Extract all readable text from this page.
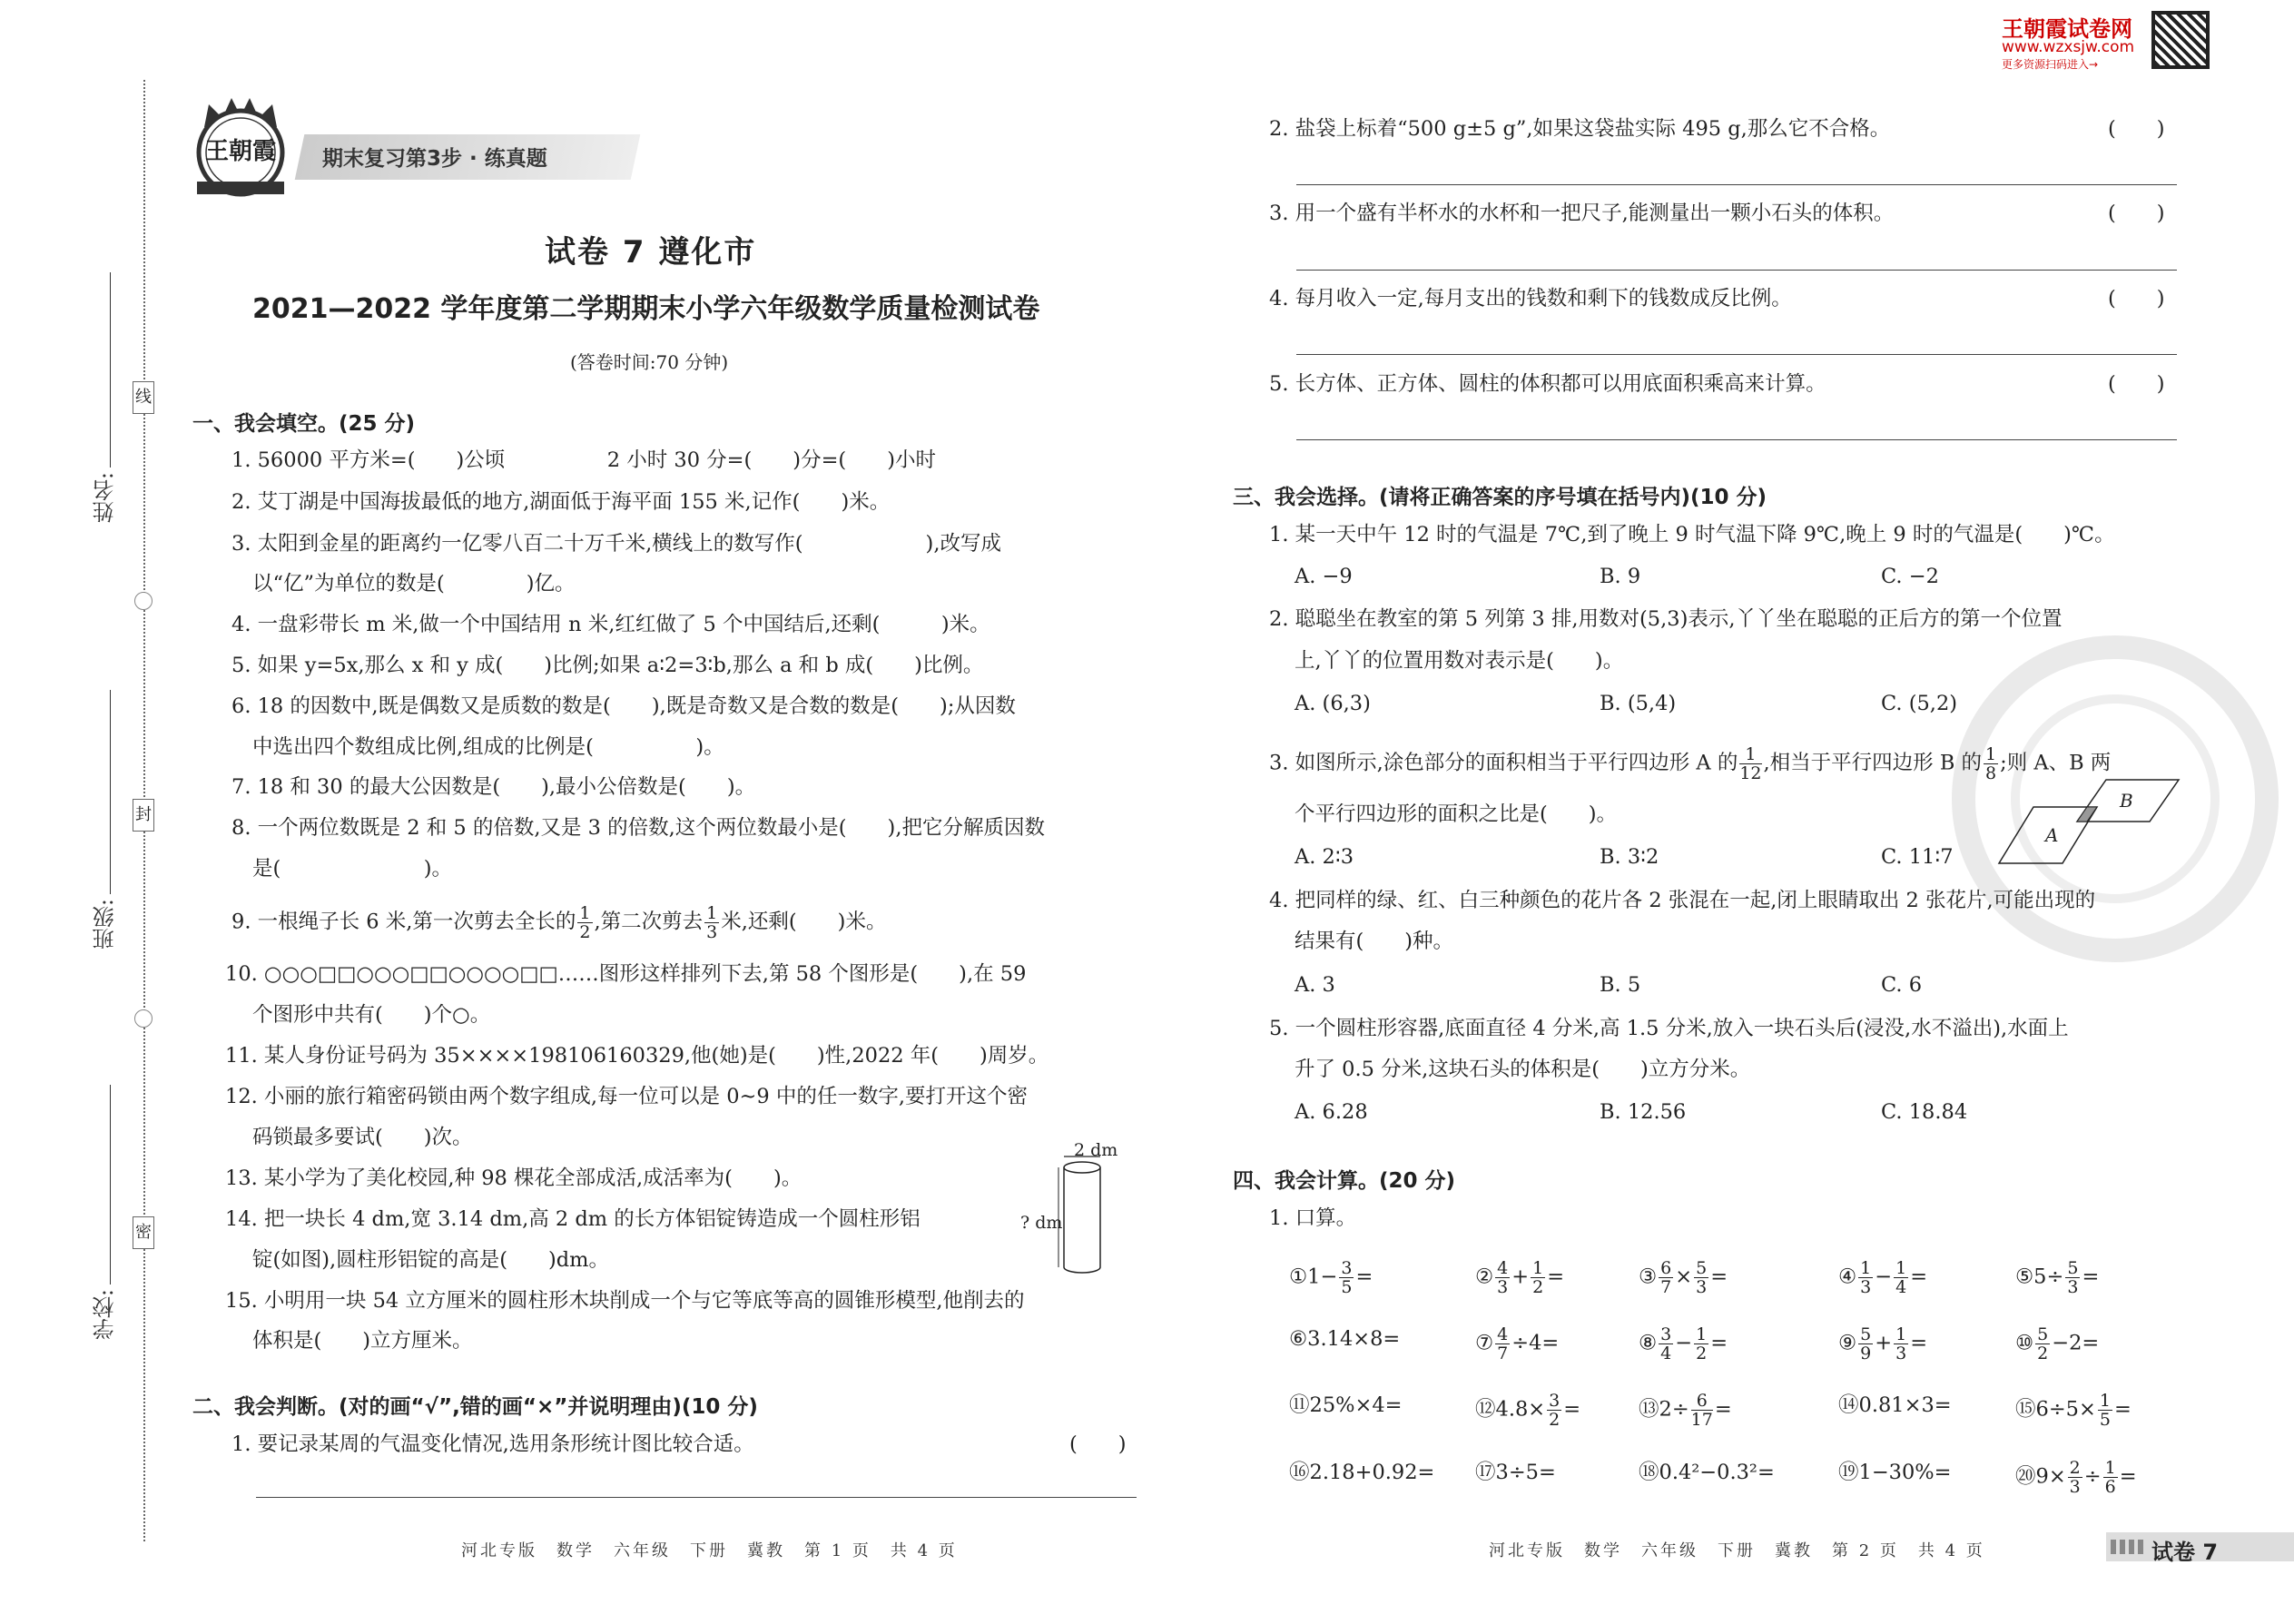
线
封
密
姓名:
班级:
学校:
王朝霞 期末复习第3步 · 练真题
王朝霞试卷网
www.wzxsjw.com
更多资源扫码进入→
试卷 7 遵化市
2021—2022 学年度第二学期期末小学六年级数学质量检测试卷
(答卷时间:70 分钟)
一、我会填空。(25 分)
1. 56000 平方米=(　　)公顷　　　　　2 小时 30 分=(　　)分=(　　)小时
2. 艾丁湖是中国海拔最低的地方,湖面低于海平面 155 米,记作(　　)米。
3. 太阳到金星的距离约一亿零八百二十万千米,横线上的数写作(　　　　　　),改写成
以“亿”为单位的数是(　　　　)亿。
4. 一盘彩带长 m 米,做一个中国结用 n 米,红红做了 5 个中国结后,还剩(　　　)米。
5. 如果 y=5x,那么 x 和 y 成(　　)比例;如果 a∶2=3∶b,那么 a 和 b 成(　　)比例。
6. 18 的因数中,既是偶数又是质数的数是(　　),既是奇数又是合数的数是(　　);从因数
中选出四个数组成比例,组成的比例是(　　　　　)。
7. 18 和 30 的最大公因数是(　　),最小公倍数是(　　)。
8. 一个两位数既是 2 和 5 的倍数,又是 3 的倍数,这个两位数最小是(　　),把它分解质因数
是(　　　　　　　)。
9. 一根绳子长 6 米,第一次剪去全长的 $\frac{1}{2}$ ,第二次剪去 $\frac{1}{3}$ 米,还剩(　　)米。
10. ○○○□□○○○□□○○○○□□……图形这样排列下去,第 58 个图形是(　　),在 59
个图形中共有(　　)个○。
11. 某人身份证号码为 35××××198106160329,他(她)是(　　)性,2022 年(　　)周岁。
12. 小丽的旅行箱密码锁由两个数字组成,每一位可以是 0~9 中的任一数字,要打开这个密
码锁最多要试(　　)次。
13. 某小学为了美化校园,种 98 棵花全部成活,成活率为(　　)。
14. 把一块长 4 dm,宽 3.14 dm,高 2 dm 的长方体铝锭铸造成一个圆柱形铝
锭(如图),圆柱形铝锭的高是(　　)dm。
15. 小明用一块 54 立方厘米的圆柱形木块削成一个与它等底等高的圆锥形模型,他削去的
体积是(　　)立方厘米。
2 dm
? dm
二、我会判断。(对的画“√”,错的画“×”并说明理由)(10 分)
1. 要记录某周的气温变化情况,选用条形统计图比较合适。	(　　)
2. 盐袋上标着“500 g±5 g”,如果这袋盐实际 495 g,那么它不合格。	(　　)
3. 用一个盛有半杯水的水杯和一把尺子,能测量出一颗小石头的体积。	(　　)
4. 每月收入一定,每月支出的钱数和剩下的钱数成反比例。	(　　)
5. 长方体、正方体、圆柱的体积都可以用底面积乘高来计算。	(　　)
三、我会选择。(请将正确答案的序号填在括号内)(10 分)
1. 某一天中午 12 时的气温是 7℃,到了晚上 9 时气温下降 9℃,晚上 9 时的气温是(　　)℃。
A. −9	B. 9	C. −2
2. 聪聪坐在教室的第 5 列第 3 排,用数对(5,3)表示,丫丫坐在聪聪的正后方的第一个位置
上,丫丫的位置用数对表示是(　　)。
A. (6,3)	B. (5,4)	C. (5,2)
3. 如图所示,涂色部分的面积相当于平行四边形 A 的 $\frac{1}{12}$ ,相当于平行四边形 B 的 $\frac{1}{8}$ ;则 A、B 两
个平行四边形的面积之比是(　　)。
A. 2∶3	B. 3∶2	C. 11∶7
A
B
4. 把同样的绿、红、白三种颜色的花片各 2 张混在一起,闭上眼睛取出 2 张花片,可能出现的
结果有(　　)种。
A. 3	B. 5	C. 6
5. 一个圆柱形容器,底面直径 4 分米,高 1.5 分米,放入一块石头后(浸没,水不溢出),水面上
升了 0.5 分米,这块石头的体积是(　　)立方分米。
A. 6.28	B. 12.56	C. 18.84
四、我会计算。(20 分)
1. 口算。
①1− $\frac{3}{5}$ =	② $\frac{4}{3} + \frac{1}{2}$ =	③ $\frac{6}{7} \times \frac{5}{3}$ =	④ $\frac{1}{3} - \frac{1}{4}$ =	⑤5÷ $\frac{5}{3}$ =
⑥3.14×8=	⑦ $\frac{4}{7} \div 4=$	⑧ $\frac{3}{4} - \frac{1}{2}$ =	⑨ $\frac{5}{9} + \frac{1}{3}$ =	⑩ $\frac{5}{2} -2=$
⑪25%×4=	⑫4.8× $\frac{3}{2}$ =	⑬2÷ $\frac{6}{17}$ =	⑭0.81×3=	⑮6÷5× $\frac{1}{5}$ =
⑯2.18+0.92= ⑰3÷5=	⑱0.4²−0.3²=	⑲1−30%=	⑳9× $\frac{2}{3} \div \frac{1}{6}$ =
河北专版　数学　六年级　下册　冀教　第 1 页　共 4 页	河北专版　数学　六年级　下册　冀教　第 2 页　共 4 页	试卷 7
